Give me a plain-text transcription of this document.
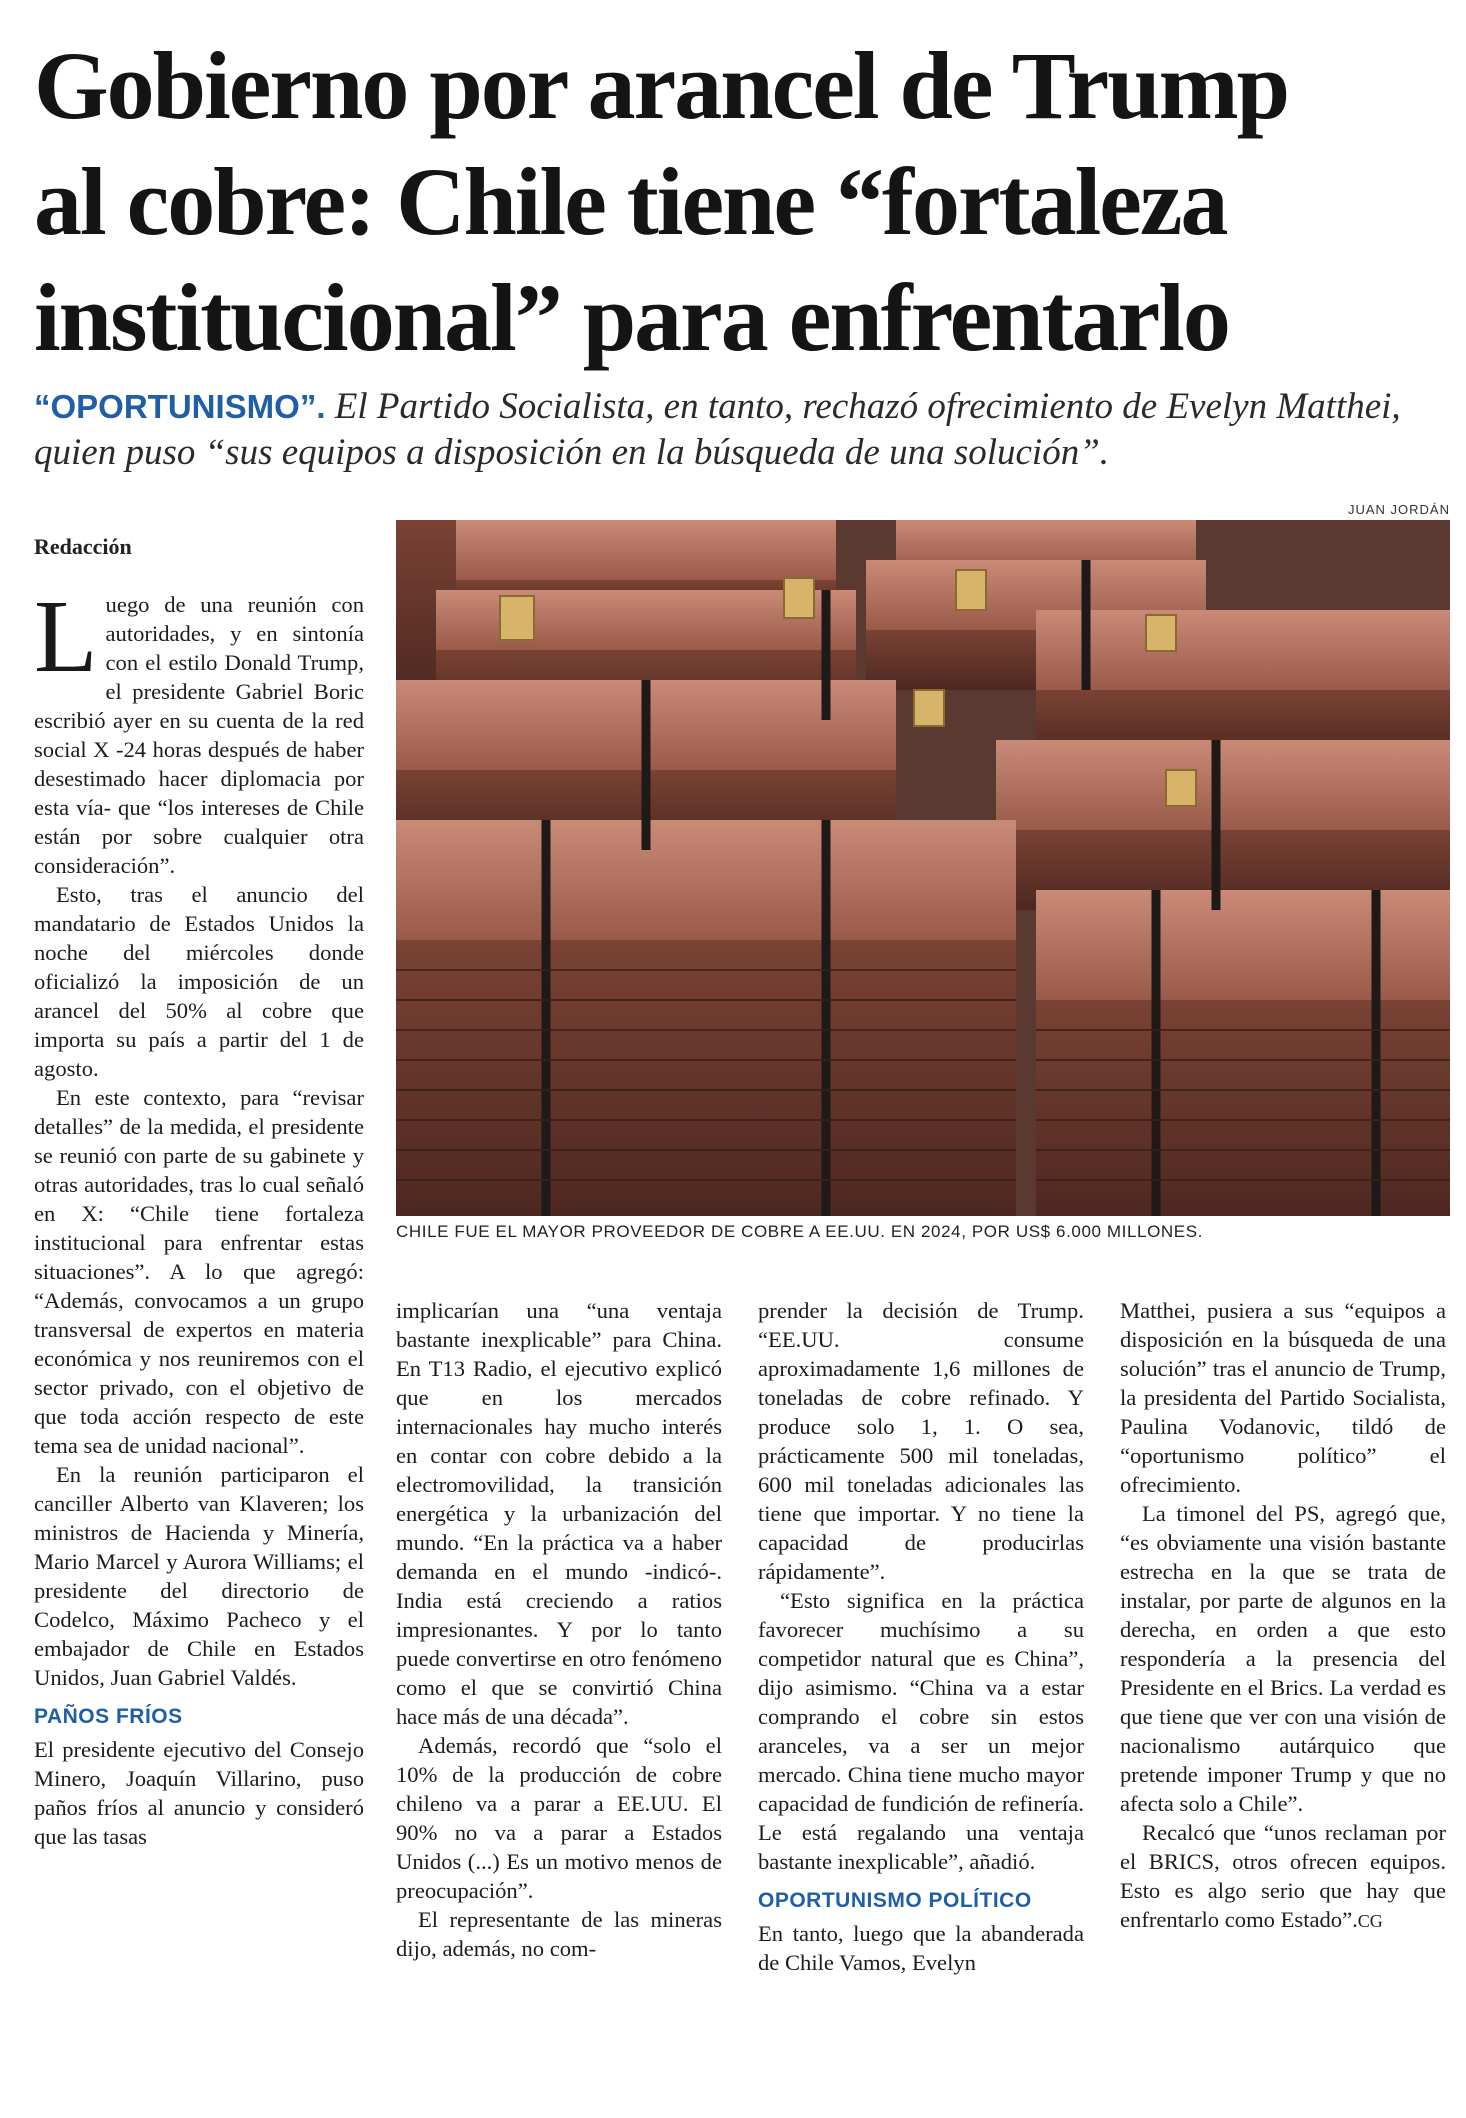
Gobierno por arancel de Trump
al cobre: Chile tiene “fortaleza
institucional” para enfrentarlo
“OPORTUNISMO”. El Partido Socialista, en tanto, rechazó ofrecimiento de Evelyn Matthei, quien puso “sus equipos a disposición en la búsqueda de una solución”.
JUAN JORDÁN
CHILE FUE EL MAYOR PROVEEDOR DE COBRE A EE.UU. EN 2024, POR US$ 6.000 MILLONES.
Redacción

Luego de una reunión con autoridades, y en sintonía con el estilo Donald Trump, el presidente Gabriel Boric escribió ayer en su cuenta de la red social X -24 horas después de haber desestimado hacer diplomacia por esta vía- que “los intereses de Chile están por sobre cualquier otra consideración”.

Esto, tras el anuncio del mandatario de Estados Unidos la noche del miércoles donde oficializó la imposición de un arancel del 50% al cobre que importa su país a partir del 1 de agosto.

En este contexto, para “revisar detalles” de la medida, el presidente se reunió con parte de su gabinete y otras autoridades, tras lo cual señaló en X: “Chile tiene fortaleza institucional para enfrentar estas situaciones”. A lo que agregó: “Además, convocamos a un grupo transversal de expertos en materia económica y nos reuniremos con el sector privado, con el objetivo de que toda acción respecto de este tema sea de unidad nacional”.

En la reunión participaron el canciller Alberto van Klaveren; los ministros de Hacienda y Minería, Mario Marcel y Aurora Williams; el presidente del directorio de Codelco, Máximo Pacheco y el embajador de Chile en Estados Unidos, Juan Gabriel Valdés.

PAÑOS FRÍOS

El presidente ejecutivo del Consejo Minero, Joaquín Villarino, puso paños fríos al anuncio y consideró que las tasas

implicarían una “una ventaja bastante inexplicable” para China. En T13 Radio, el ejecutivo explicó que en los mercados internacionales hay mucho interés en contar con cobre debido a la electromovilidad, la transición energética y la urbanización del mundo. “En la práctica va a haber demanda en el mundo -indicó-. India está creciendo a ratios impresionantes. Y por lo tanto puede convertirse en otro fenómeno como el que se convirtió China hace más de una década”.

Además, recordó que “solo el 10% de la producción de cobre chileno va a parar a EE.UU. El 90% no va a parar a Estados Unidos (...) Es un motivo menos de preocupación”.

El representante de las mineras dijo, además, no com-

prender la decisión de Trump. “EE.UU. consume aproximadamente 1,6 millones de toneladas de cobre refinado. Y produce solo 1, 1. O sea, prácticamente 500 mil toneladas, 600 mil toneladas adicionales las tiene que importar. Y no tiene la capacidad de producirlas rápidamente”.

“Esto significa en la práctica favorecer muchísimo a su competidor natural que es China”, dijo asimismo. “China va a estar comprando el cobre sin estos aranceles, va a ser un mejor mercado. China tiene mucho mayor capacidad de fundición de refinería. Le está regalando una ventaja bastante inexplicable”, añadió.

OPORTUNISMO POLÍTICO

En tanto, luego que la abanderada de Chile Vamos, Evelyn

Matthei, pusiera a sus “equipos a disposición en la búsqueda de una solución” tras el anuncio de Trump, la presidenta del Partido Socialista, Paulina Vodanovic, tildó de “oportunismo político” el ofrecimiento.

La timonel del PS, agregó que, “es obviamente una visión bastante estrecha en la que se trata de instalar, por parte de algunos en la derecha, en orden a que esto respondería a la presencia del Presidente en el Brics. La verdad es que tiene que ver con una visión de nacionalismo autárquico que pretende imponer Trump y que no afecta solo a Chile”.

Recalcó que “unos reclaman por el BRICS, otros ofrecen equipos. Esto es algo serio que hay que enfrentarlo como Estado”.CG
